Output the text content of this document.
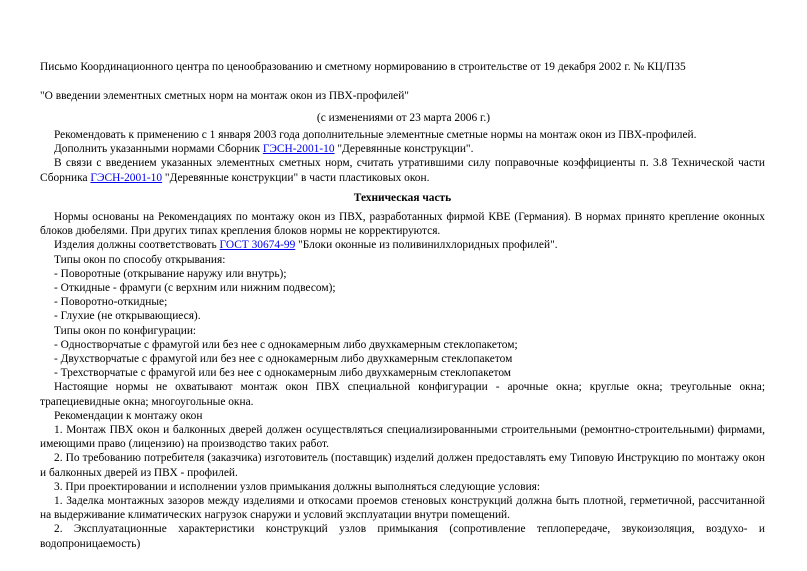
Письмо Координационного центра по ценообразованию и сметному нормированию в строительстве от 19 декабря 2002 г. № КЦ/П35
"О введении элементных сметных норм на монтаж окон из ПВХ-профилей"
(с изменениями от 23 марта 2006 г.)

Рекомендовать к применению с 1 января 2003 года дополнительные элементные сметные нормы на монтаж окон из ПВХ-профилей.

Дополнить указанными нормами Сборник ГЭСН-2001-10 "Деревянные конструкции".

В связи с введением указанных элементных сметных норм, считать утратившими силу поправочные коэффициенты п. 3.8 Технической части Сборника ГЭСН-2001-10 "Деревянные конструкции" в части пластиковых окон.

Техническая часть

Нормы основаны на Рекомендациях по монтажу окон из ПВХ, разработанных фирмой КВЕ (Германия). В нормах принято крепление оконных блоков дюбелями. При других типах крепления блоков нормы не корректируются.

Изделия должны соответствовать ГОСТ 30674-99 "Блоки оконные из поливинилхлоридных профилей".

Типы окон по способу открывания:

- Поворотные (открывание наружу или внутрь);

- Откидные - фрамуги (с верхним или нижним подвесом);

- Поворотно-откидные;

- Глухие (не открывающиеся).

Типы окон по конфигурации:

- Одностворчатые с фрамугой или без нее с однокамерным либо двухкамерным стеклопакетом;

- Двухстворчатые с фрамугой или без нее с однокамерным либо двухкамерным стеклопакетом

- Трехстворчатые с фрамугой или без нее с однокамерным либо двухкамерным стеклопакетом

Настоящие нормы не охватывают монтаж окон ПВХ специальной конфигурации - арочные окна; круглые окна; треугольные окна; трапециевидные окна; многоугольные окна.

Рекомендации к монтажу окон

1. Монтаж ПВХ окон и балконных дверей должен осуществляться специализированными строительными (ремонтно-строительными) фирмами, имеющими право (лицензию) на производство таких работ.

2. По требованию потребителя (заказчика) изготовитель (поставщик) изделий должен предоставлять ему Типовую Инструкцию по монтажу окон и балконных дверей из ПВХ - профилей.

3. При проектировании и исполнении узлов примыкания должны выполняться следующие условия:

1. Заделка монтажных зазоров между изделиями и откосами проемов стеновых конструкций должна быть плотной, герметичной, рассчитанной на выдерживание климатических нагрузок снаружи и условий эксплуатации внутри помещений.

2. Эксплуатационные характеристики конструкций узлов примыкания (сопротивление теплопередаче, звукоизоляция, воздухо- и водопроницаемость)
